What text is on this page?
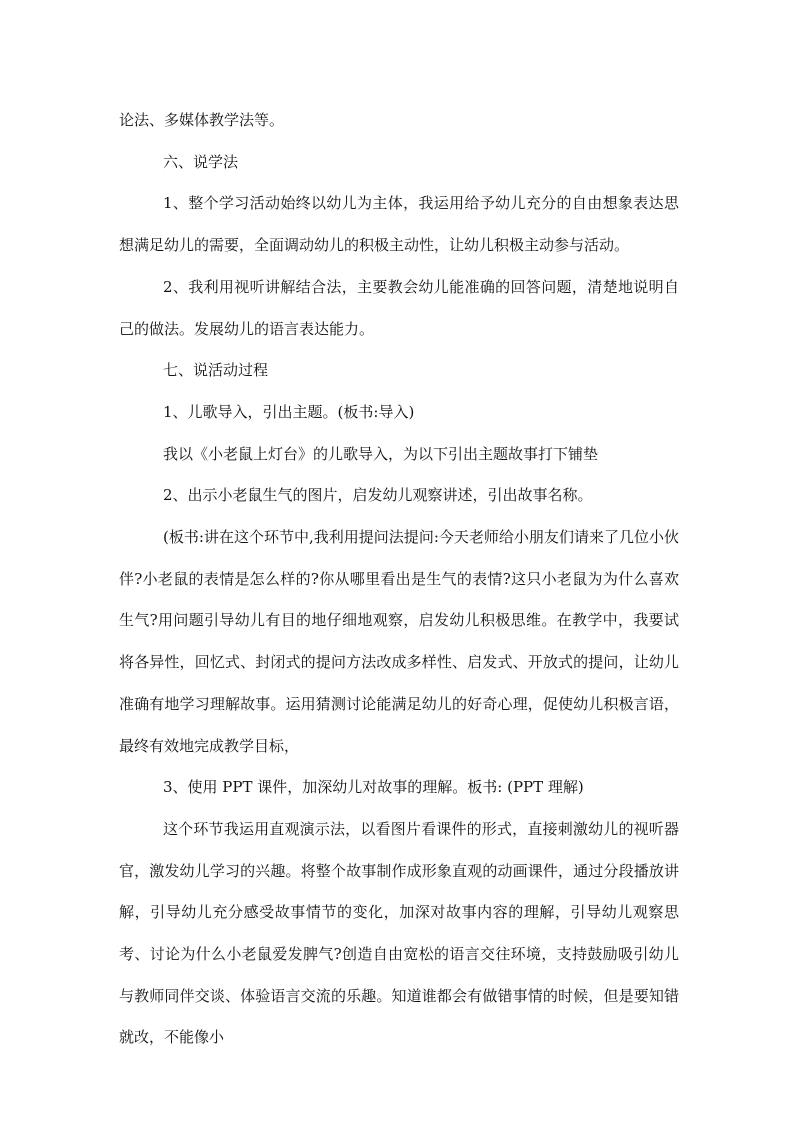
论法、多媒体教学法等。

六、说学法

1、整个学习活动始终以幼儿为主体，我运用给予幼儿充分的自由想象表达思想满足幼儿的需要，全面调动幼儿的积极主动性，让幼儿积极主动参与活动。

2、我利用视听讲解结合法，主要教会幼儿能准确的回答问题，清楚地说明自己的做法。发展幼儿的语言表达能力。

七、说活动过程

1、儿歌导入，引出主题。(板书:导入)

我以《小老鼠上灯台》的儿歌导入，为以下引出主题故事打下铺垫

2、出示小老鼠生气的图片，启发幼儿观察讲述，引出故事名称。

(板书:讲在这个环节中,我利用提问法提问:今天老师给小朋友们请来了几位小伙伴?小老鼠的表情是怎么样的?你从哪里看出是生气的表情?这只小老鼠为为什么喜欢生气?用问题引导幼儿有目的地仔细地观察，启发幼儿积极思维。在教学中，我要试将各异性，回忆式、封闭式的提问方法改成多样性、启发式、开放式的提问，让幼儿准确有地学习理解故事。运用猜测讨论能满足幼儿的好奇心理，促使幼儿积极言语，最终有效地完成教学目标，

3、使用 PPT 课件，加深幼儿对故事的理解。板书: (PPT 理解)

这个环节我运用直观演示法，以看图片看课件的形式，直接刺激幼儿的视听器官，激发幼儿学习的兴趣。将整个故事制作成形象直观的动画课件，通过分段播放讲解，引导幼儿充分感受故事情节的变化，加深对故事内容的理解，引导幼儿观察思考、讨论为什么小老鼠爱发脾气?创造自由宽松的语言交往环境，支持鼓励吸引幼儿与教师同伴交谈、体验语言交流的乐趣。知道谁都会有做错事情的时候，但是要知错就改，不能像小
